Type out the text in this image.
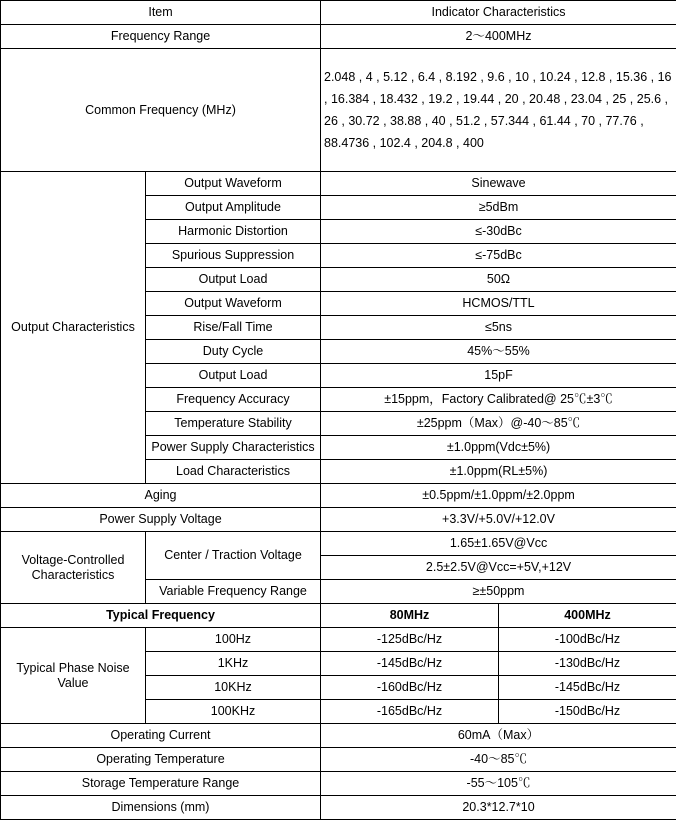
Item		Indicator Characteristics	
Frequency Range		2～400MHz	
Common Frequency (MHz)		2.048 , 4 , 5.12 , 6.4 , 8.192 , 9.6 , 10 , 10.24 , 12.8 , 15.36 , 16 , 16.384 , 18.432 , 19.2 , 19.44 , 20 , 20.48 , 23.04 , 25 , 25.6 , 26 , 30.72 , 38.88 , 40 , 51.2 , 57.344 , 61.44 , 70 , 77.76 , 88.4736 , 102.4 , 204.8 , 400	
Output Characteristics	Output Waveform	Sinewave	
	Output Amplitude	≥5dBm	
	Harmonic Distortion	≤-30dBc	
	Spurious Suppression	≤-75dBc	
	Output Load	50Ω	
	Output Waveform	HCMOS/TTL	
	Rise/Fall Time	≤5ns	
	Duty Cycle	45%～55%	
	Output Load	15pF	
	Frequency Accuracy	±15ppm，Factory Calibrated@ 25℃±3℃	
	Temperature Stability	±25ppm（Max）@-40～85℃	
	Power Supply Characteristics	±1.0ppm(Vdc±5%)	
	Load Characteristics	±1.0ppm(RL±5%)	
Aging		±0.5ppm/±1.0ppm/±2.0ppm	
Power Supply Voltage		+3.3V/+5.0V/+12.0V	
Voltage-Controlled Characteristics	Center / Traction Voltage	1.65±1.65V@Vcc	
		2.5±2.5V@Vcc=+5V,+12V	
	Variable Frequency Range	≥±50ppm	
Typical Frequency		80MHz	400MHz
Typical Phase Noise Value	100Hz	-125dBc/Hz	-100dBc/Hz
	1KHz	-145dBc/Hz	-130dBc/Hz
	10KHz	-160dBc/Hz	-145dBc/Hz
	100KHz	-165dBc/Hz	-150dBc/Hz
Operating Current		60mA（Max）	
Operating Temperature		-40～85℃	
Storage Temperature Range		-55～105℃	
Dimensions (mm)		20.3*12.7*10	
